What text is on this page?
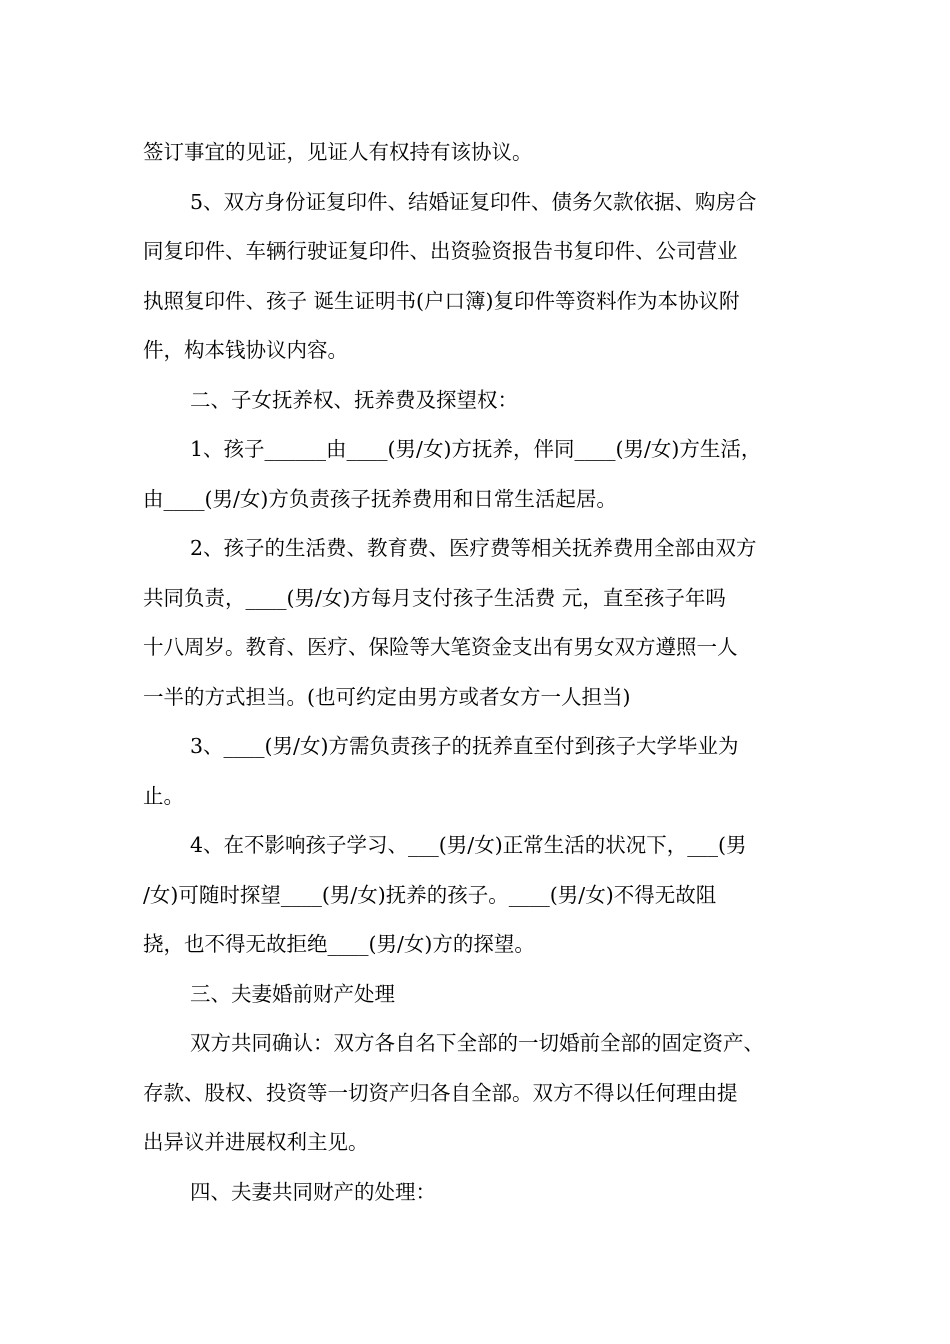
签订事宜的见证，见证人有权持有该协议。

5、双方身份证复印件、结婚证复印件、债务欠款依据、购房合

同复印件、车辆行驶证复印件、出资验资报告书复印件、公司营业

执照复印件、孩子 诞生证明书(户口簿)复印件等资料作为本协议附

件，构本钱协议内容。

二、子女抚养权、抚养费及探望权：

1、孩子______由____(男/女)方抚养，伴同____(男/女)方生活，

由____(男/女)方负责孩子抚养费用和日常生活起居。

2、孩子的生活费、教育费、医疗费等相关抚养费用全部由双方

共同负责，____(男/女)方每月支付孩子生活费 元，直至孩子年吗

十八周岁。教育、医疗、保险等大笔资金支出有男女双方遵照一人

一半的方式担当。(也可约定由男方或者女方一人担当)

3、____(男/女)方需负责孩子的抚养直至付到孩子大学毕业为

止。

4、在不影响孩子学习、___(男/女)正常生活的状况下，___(男

/女)可随时探望____(男/女)抚养的孩子。____(男/女)不得无故阻

挠，也不得无故拒绝____(男/女)方的探望。

三、夫妻婚前财产处理

双方共同确认：双方各自名下全部的一切婚前全部的固定资产、

存款、股权、投资等一切资产归各自全部。双方不得以任何理由提

出异议并进展权利主见。

四、夫妻共同财产的处理：
